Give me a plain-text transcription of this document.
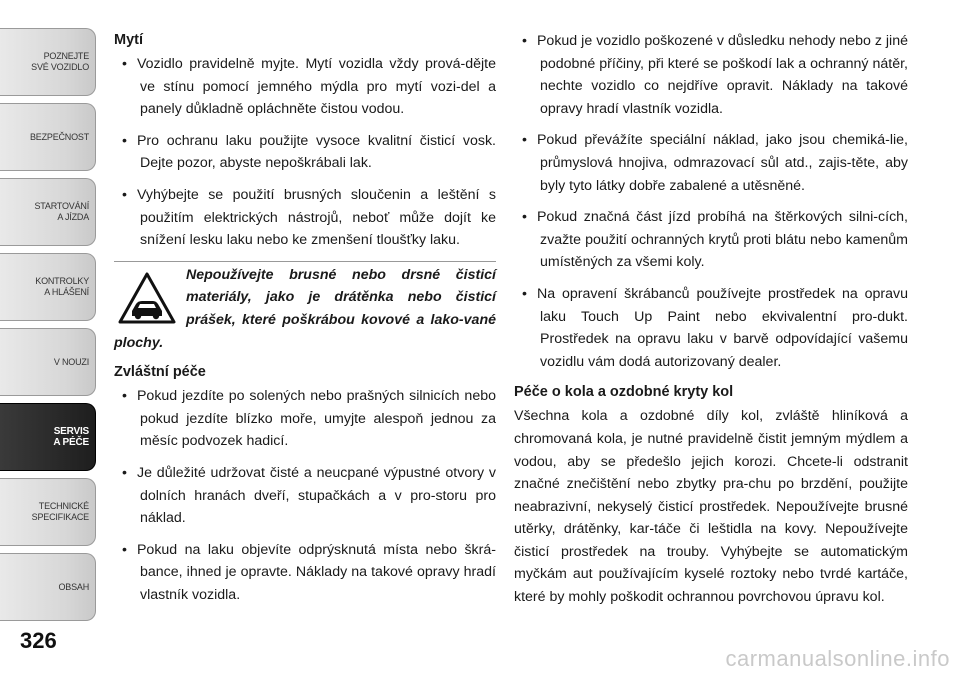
POZNEJTE
SVÉ VOZIDLO
BEZPEČNOST
STARTOVÁNÍ
A JÍZDA
KONTROLKY
A HLÁŠENÍ
V NOUZI
SERVIS
A PÉČE
TECHNICKÉ
SPECIFIKACE
OBSAH
326
Mytí
• Vozidlo pravidelně myjte. Mytí vozidla vždy prová-dějte ve stínu pomocí jemného mýdla pro mytí vozi-del a panely důkladně opláchněte čistou vodou.
• Pro ochranu laku použijte vysoce kvalitní čisticí vosk. Dejte pozor, abyste nepoškrábali lak.
• Vyhýbejte se použití brusných sloučenin a leštění s použitím elektrických nástrojů, neboť může dojít ke snížení lesku laku nebo ke zmenšení tloušťky laku.
Nepoužívejte brusné nebo drsné čisticí materiály, jako je drátěnka nebo čisticí prášek, které poškrábou kovové a lako-vané plochy.
Zvláštní péče
• Pokud jezdíte po solených nebo prašných silnicích nebo pokud jezdíte blízko moře, umyjte alespoň jednou za měsíc podvozek hadicí.
• Je důležité udržovat čisté a neucpané výpustné otvory v dolních hranách dveří, stupačkách a v pro-storu pro náklad.
• Pokud na laku objevíte odprýsknutá místa nebo škrá-bance, ihned je opravte. Náklady na takové opravy hradí vlastník vozidla.
• Pokud je vozidlo poškozené v důsledku nehody nebo z jiné podobné příčiny, při které se poškodí lak a ochranný nátěr, nechte vozidlo co nejdříve opravit. Náklady na takové opravy hradí vlastník vozidla.
• Pokud převážíte speciální náklad, jako jsou chemiká-lie, průmyslová hnojiva, odmrazovací sůl atd., zajis-těte, aby byly tyto látky dobře zabalené a utěsněné.
• Pokud značná část jízd probíhá na štěrkových silni-cích, zvažte použití ochranných krytů proti blátu nebo kamenům umístěných za všemi koly.
• Na opravení škrábanců používejte prostředek na opravu laku Touch Up Paint nebo ekvivalentní pro-dukt. Prostředek na opravu laku v barvě odpovídající vašemu vozidlu vám dodá autorizovaný dealer.
Péče o kola a ozdobné kryty kol

Všechna kola a ozdobné díly kol, zvláště hliníková a chromovaná kola, je nutné pravidelně čistit jemným mýdlem a vodou, aby se předešlo jejich korozi. Chcete-li odstranit značné znečištění nebo zbytky pra-chu po brzdění, použijte neabrazivní, nekyselý čisticí prostředek. Nepoužívejte brusné utěrky, drátěnky, kar-táče či leštidla na kovy. Nepoužívejte čisticí prostředek na trouby. Vyhýbejte se automatickým myčkám aut používajícím kyselé roztoky nebo tvrdé kartáče, které by mohly poškodit ochrannou povrchovou úpravu kol.

carmanualsonline.info
